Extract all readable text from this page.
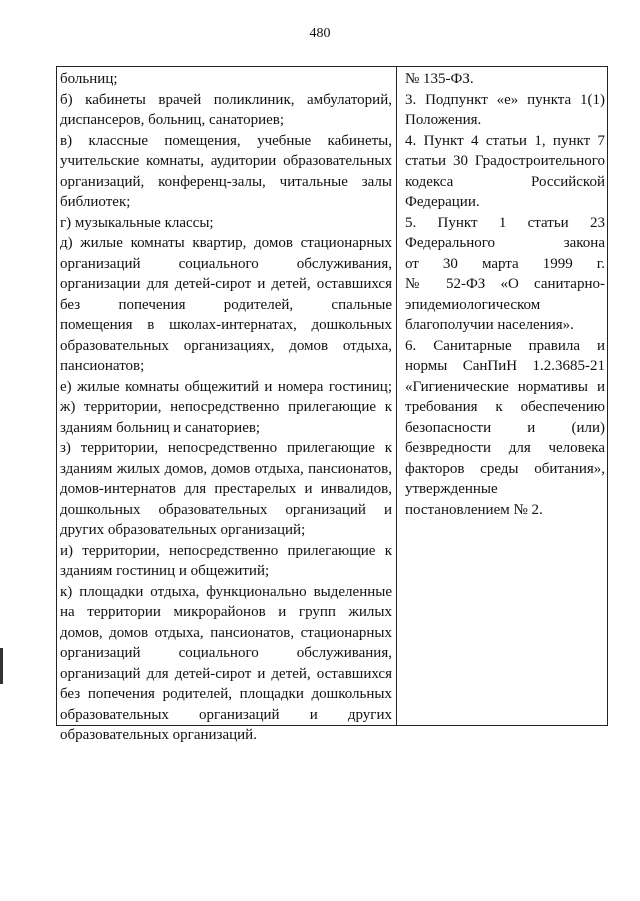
480
больниц;
б) кабинеты врачей поликлиник, амбулаторий,
диспансеров, больниц, санаториев;
в) классные помещения, учебные кабинеты,
учительские комнаты, аудитории образовательных
организаций, конференц-залы, читальные залы
библиотек;
г) музыкальные классы;
д) жилые комнаты квартир, домов стационарных
организаций социального обслуживания,
организации для детей-сирот и детей, оставшихся
без попечения родителей, спальные
помещения в школах-интернатах, дошкольных
образовательных организациях, домов отдыха,
пансионатов;
е) жилые комнаты общежитий и номера гостиниц;
ж) территории, непосредственно прилегающие к
зданиям больниц и санаториев;
з) территории, непосредственно прилегающие к
зданиям жилых домов, домов отдыха, пансионатов,
домов-интернатов для престарелых и инвалидов,
дошкольных образовательных организаций и
других образовательных организаций;
и) территории, непосредственно прилегающие к
зданиям гостиниц и общежитий;
к) площадки отдыха, функционально выделенные
на территории микрорайонов и групп жилых
домов, домов отдыха, пансионатов, стационарных
организаций социального обслуживания,
организаций для детей-сирот и детей, оставшихся
без попечения родителей, площадки дошкольных
образовательных организаций и других
образовательных организаций.
№ 135-ФЗ.
3. Подпункт «е» пункта 1(1)
Положения.
4. Пункт 4 статьи 1, пункт 7
статьи 30 Градостроительного
кодекса Российской
Федерации.
5. Пункт 1 статьи 23
Федерального закона
от 30 марта 1999 г.
№ 52-ФЗ «О санитарно-
эпидемиологическом
благополучии населения».
6. Санитарные правила и
нормы СанПиН 1.2.3685-21
«Гигиенические нормативы и
требования к обеспечению
безопасности и (или)
безвредности для человека
факторов среды обитания»,
утвержденные
постановлением № 2.
